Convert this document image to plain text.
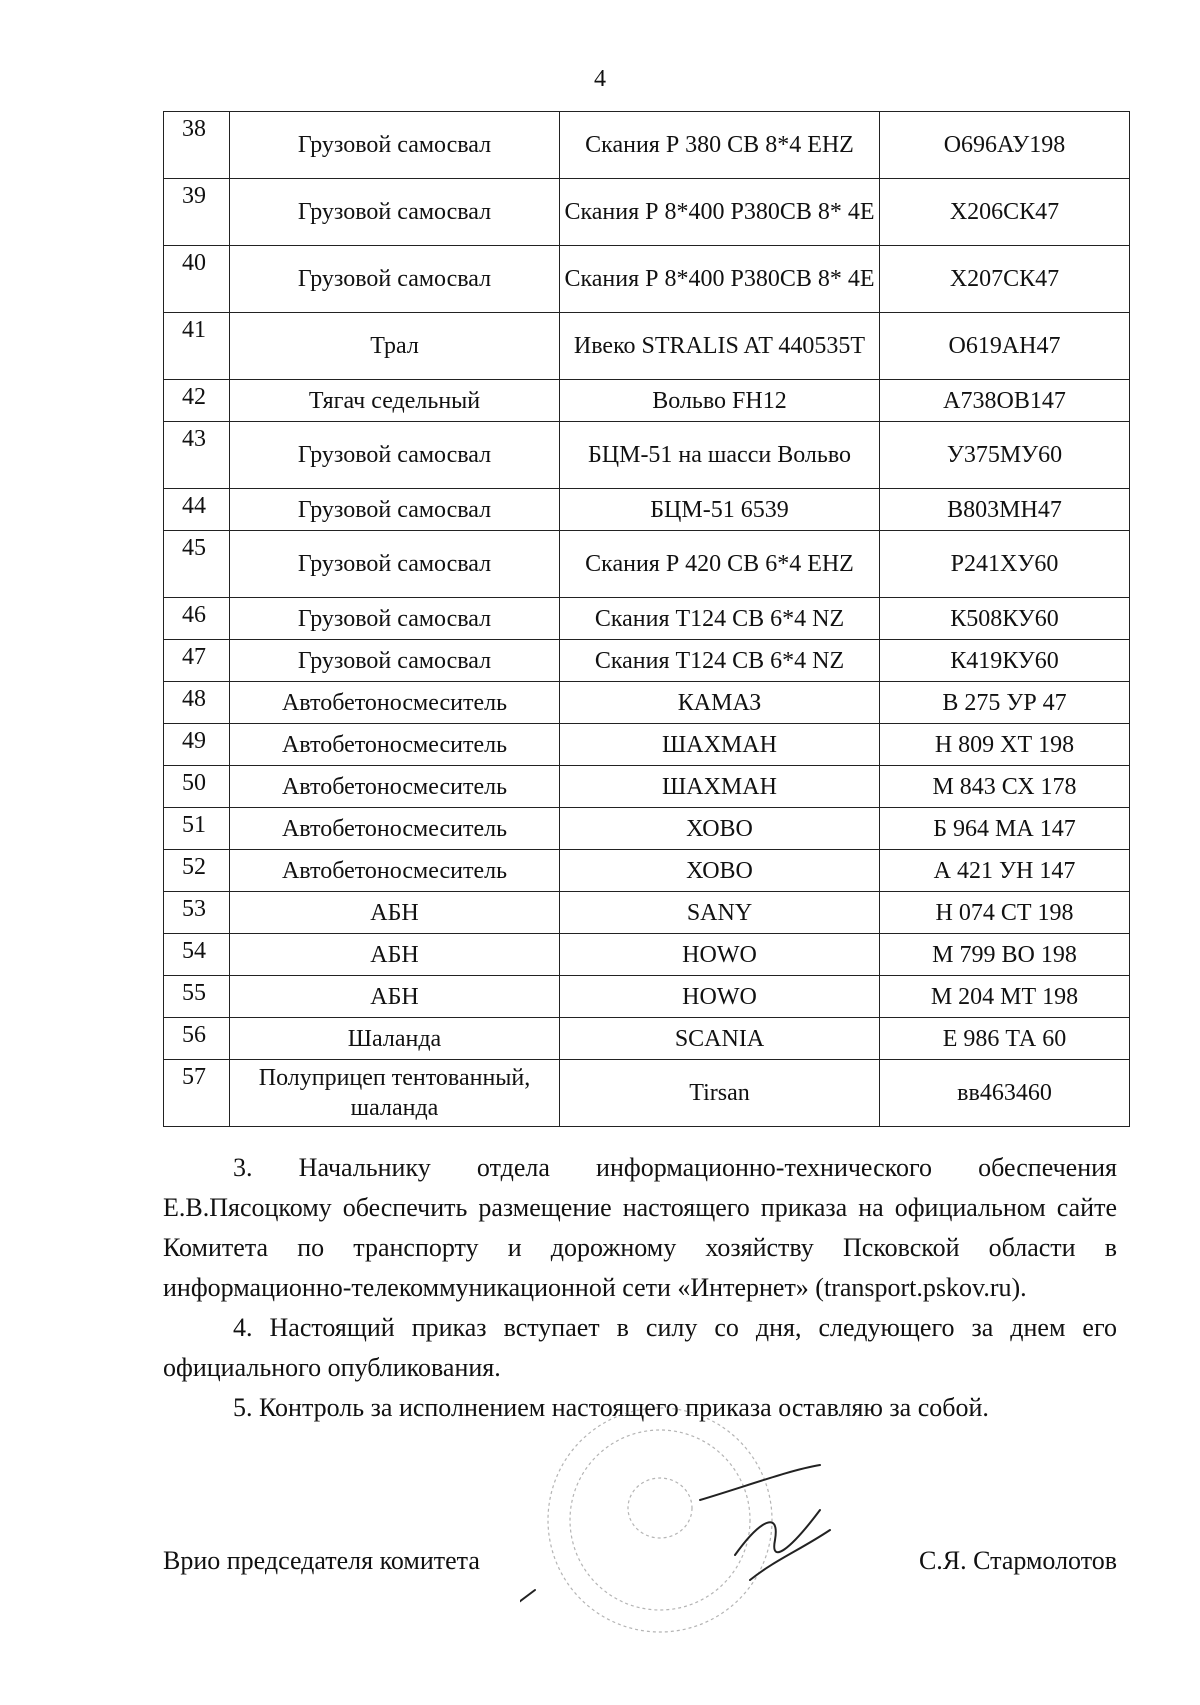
4
38	Грузовой самосвал	Скания Р 380 CB 8*4 EHZ	О696АУ198
39	Грузовой самосвал	Скания Р 8*400 Р380СВ 8* 4Е	Х206СК47
40	Грузовой самосвал	Скания Р 8*400 Р380СВ 8* 4Е	Х207СК47
41	Трал	Ивеко STRALIS AT 440535T	О619АН47
42	Тягач седельный	Вольво FH12	А738ОВ147
43	Грузовой самосвал	БЦМ-51 на шасси Вольво	У375МУ60
44	Грузовой самосвал	БЦМ-51 6539	В803МН47
45	Грузовой самосвал	Скания Р 420 CB 6*4 EHZ	Р241ХУ60
46	Грузовой самосвал	Скания T124 CB 6*4 NZ	К508КУ60
47	Грузовой самосвал	Скания T124 CB 6*4 NZ	К419КУ60
48	Автобетоносмеситель	КАМАЗ	В 275 УР 47
49	Автобетоносмеситель	ШАХМАН	Н 809 ХТ 198
50	Автобетоносмеситель	ШАХМАН	М 843 СХ 178
51	Автобетоносмеситель	ХОВО	Б 964 МА 147
52	Автобетоносмеситель	ХОВО	А 421 УН 147
53	АБН	SANY	Н 074 СТ 198
54	АБН	HOWO	М 799 ВО 198
55	АБН	HOWO	М 204 МТ 198
56	Шаланда	SCANIA	Е 986 ТА 60
57	Полуприцеп тентованный, шаланда	Tirsan	вв463460

3. Начальнику отдела информационно-технического обеспечения Е.В.Пясоцкому обеспечить размещение настоящего приказа на официальном сайте Комитета по транспорту и дорожному хозяйству Псковской области в информационно-телекоммуникационной сети «Интернет» (transport.pskov.ru).

4. Настоящий приказ вступает в силу со дня, следующего за днем его официального опубликования.

5. Контроль за исполнением настоящего приказа оставляю за собой.

Врио председателя комитета	С.Я. Стармолотов
